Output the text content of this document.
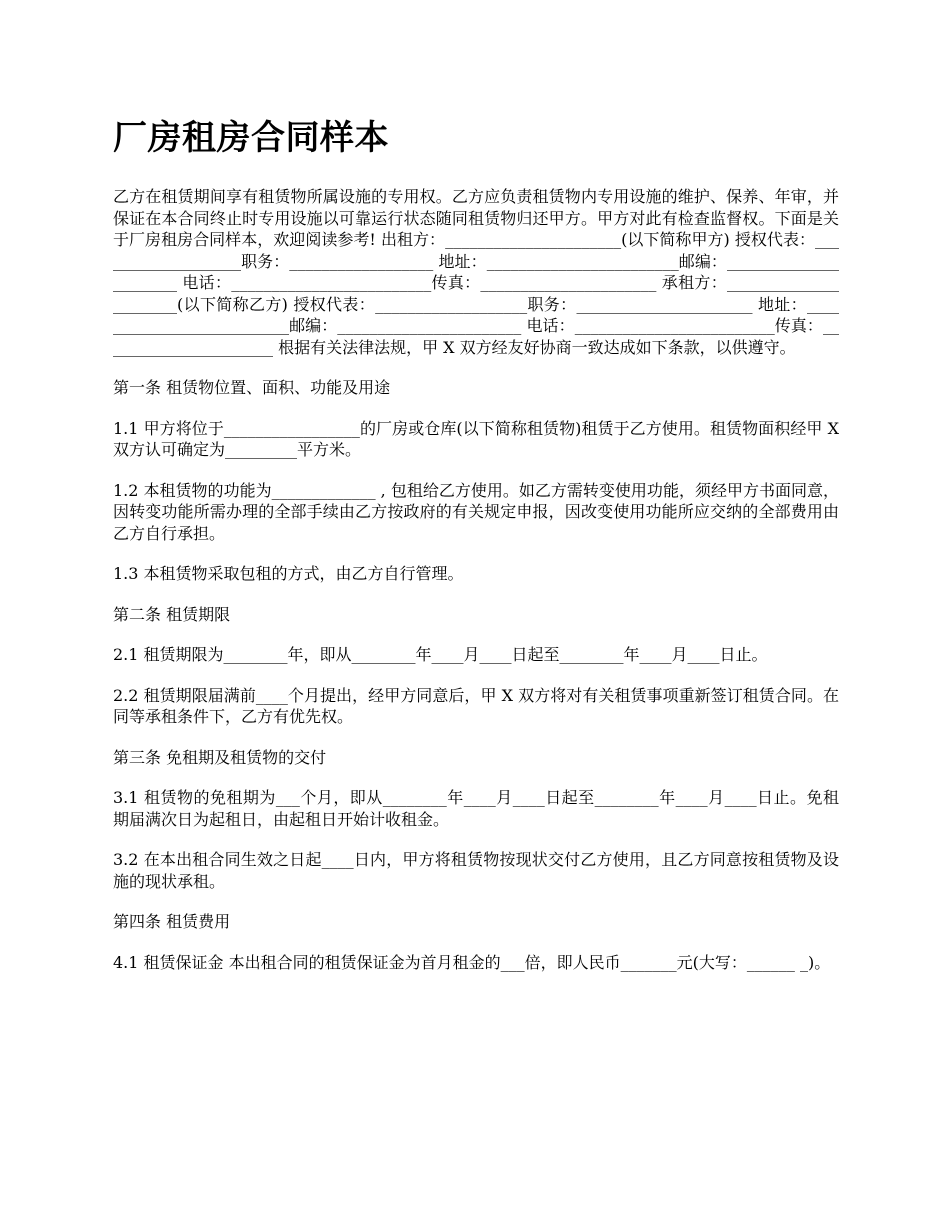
厂房租房合同样本

乙方在租赁期间享有租赁物所属设施的专用权。乙方应负责租赁物内专用设施的维护、保养、年审，并保证在本合同终止时专用设施以可靠运行状态随同租赁物归还甲方。甲方对此有检查监督权。下面是关于厂房租房合同样本，欢迎阅读参考! 出租方：______________________(以下简称甲方) 授权代表：___________________职务：__________________ 地址：________________________邮编：______________________ 电话：_________________________传真：______________________ 承租方：______________________(以下简称乙方) 授权代表：___________________职务：______________________ 地址：__________________________邮编：_______________________ 电话：_________________________传真：______________________ 根据有关法律法规，甲 X 双方经友好协商一致达成如下条款，以供遵守。

第一条 租赁物位置、面积、功能及用途

1.1 甲方将位于_________________的厂房或仓库(以下简称租赁物)租赁于乙方使用。租赁物面积经甲 X 双方认可确定为_________平方米。

1.2 本租赁物的功能为_____________ , 包租给乙方使用。如乙方需转变使用功能，须经甲方书面同意，因转变功能所需办理的全部手续由乙方按政府的有关规定申报，因改变使用功能所应交纳的全部费用由乙方自行承担。

1.3 本租赁物采取包租的方式，由乙方自行管理。

第二条 租赁期限

2.1 租赁期限为________年，即从________年____月____日起至________年____月____日止。

2.2 租赁期限届满前____个月提出，经甲方同意后，甲 X 双方将对有关租赁事项重新签订租赁合同。在同等承租条件下，乙方有优先权。

第三条 免租期及租赁物的交付

3.1 租赁物的免租期为___个月，即从________年____月____日起至________年____月____日止。免租期届满次日为起租日，由起租日开始计收租金。

3.2 在本出租合同生效之日起____日内，甲方将租赁物按现状交付乙方使用，且乙方同意按租赁物及设施的现状承租。

第四条 租赁费用

4.1 租赁保证金 本出租合同的租赁保证金为首月租金的___倍，即人民币_______元(大写：______ _)。
